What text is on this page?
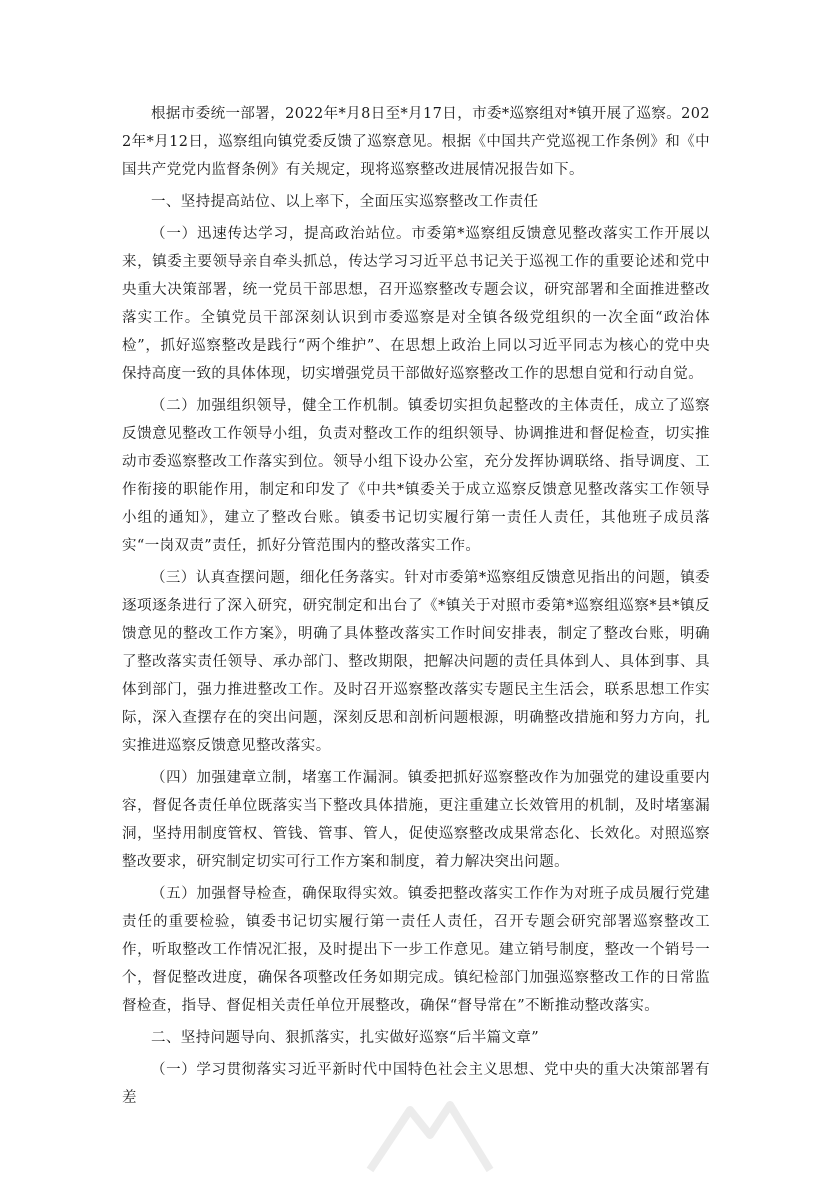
根据市委统一部署，2022年*月8日至*月17日，市委*巡察组对*镇开展了巡察。2022年*月12日，巡察组向镇党委反馈了巡察意见。根据《中国共产党巡视工作条例》和《中国共产党党内监督条例》有关规定，现将巡察整改进展情况报告如下。

一、坚持提高站位、以上率下，全面压实巡察整改工作责任

（一）迅速传达学习，提高政治站位。市委第*巡察组反馈意见整改落实工作开展以来，镇委主要领导亲自牵头抓总，传达学习习近平总书记关于巡视工作的重要论述和党中央重大决策部署，统一党员干部思想，召开巡察整改专题会议，研究部署和全面推进整改落实工作。全镇党员干部深刻认识到市委巡察是对全镇各级党组织的一次全面“政治体检”，抓好巡察整改是践行“两个维护”、在思想上政治上同以习近平同志为核心的党中央保持高度一致的具体体现，切实增强党员干部做好巡察整改工作的思想自觉和行动自觉。

（二）加强组织领导，健全工作机制。镇委切实担负起整改的主体责任，成立了巡察反馈意见整改工作领导小组，负责对整改工作的组织领导、协调推进和督促检查，切实推动市委巡察整改工作落实到位。领导小组下设办公室，充分发挥协调联络、指导调度、工作衔接的职能作用，制定和印发了《中共*镇委关于成立巡察反馈意见整改落实工作领导小组的通知》，建立了整改台账。镇委书记切实履行第一责任人责任，其他班子成员落实“一岗双责”责任，抓好分管范围内的整改落实工作。

（三）认真查摆问题，细化任务落实。针对市委第*巡察组反馈意见指出的问题，镇委逐项逐条进行了深入研究，研究制定和出台了《*镇关于对照市委第*巡察组巡察*县*镇反馈意见的整改工作方案》，明确了具体整改落实工作时间安排表，制定了整改台账，明确了整改落实责任领导、承办部门、整改期限，把解决问题的责任具体到人、具体到事、具体到部门，强力推进整改工作。及时召开巡察整改落实专题民主生活会，联系思想工作实际，深入查摆存在的突出问题，深刻反思和剖析问题根源，明确整改措施和努力方向，扎实推进巡察反馈意见整改落实。

（四）加强建章立制，堵塞工作漏洞。镇委把抓好巡察整改作为加强党的建设重要内容，督促各责任单位既落实当下整改具体措施，更注重建立长效管用的机制，及时堵塞漏洞，坚持用制度管权、管钱、管事、管人，促使巡察整改成果常态化、长效化。对照巡察整改要求，研究制定切实可行工作方案和制度，着力解决突出问题。

（五）加强督导检查，确保取得实效。镇委把整改落实工作作为对班子成员履行党建责任的重要检验，镇委书记切实履行第一责任人责任，召开专题会研究部署巡察整改工作，听取整改工作情况汇报，及时提出下一步工作意见。建立销号制度，整改一个销号一个，督促整改进度，确保各项整改任务如期完成。镇纪检部门加强巡察整改工作的日常监督检查，指导、督促相关责任单位开展整改，确保“督导常在”不断推动整改落实。

二、坚持问题导向、狠抓落实，扎实做好巡察“后半篇文章”

（一）学习贯彻落实习近平新时代中国特色社会主义思想、党中央的重大决策部署有差
